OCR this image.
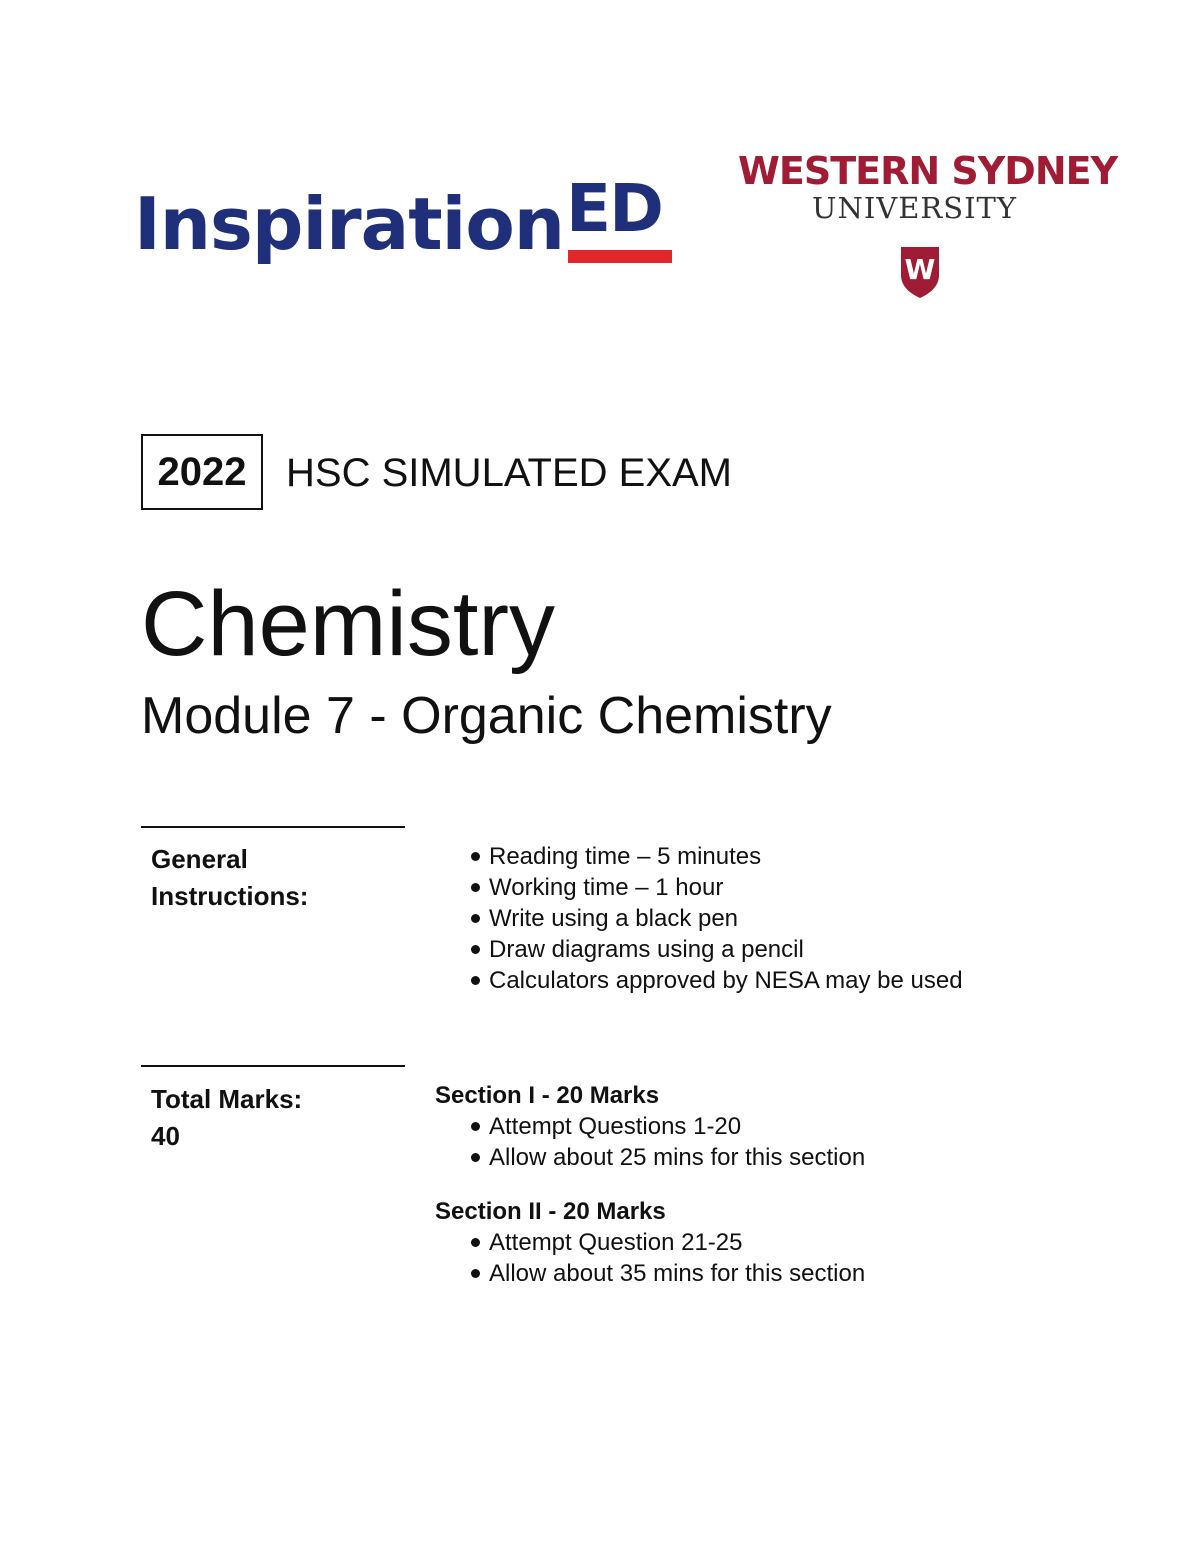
Inspiration ED WESTERN SYDNEY
UNIVERSITY
W
2022 HSC SIMULATED EXAM
Chemistry
Module 7 - Organic Chemistry
General
Instructions:
Reading time – 5 minutes
Working time – 1 hour
Write using a black pen
Draw diagrams using a pencil
Calculators approved by NESA may be used
Total Marks:
40
Section I - 20 Marks
Attempt Questions 1-20
Allow about 25 mins for this section
Section II - 20 Marks
Attempt Question 21-25
Allow about 35 mins for this section
